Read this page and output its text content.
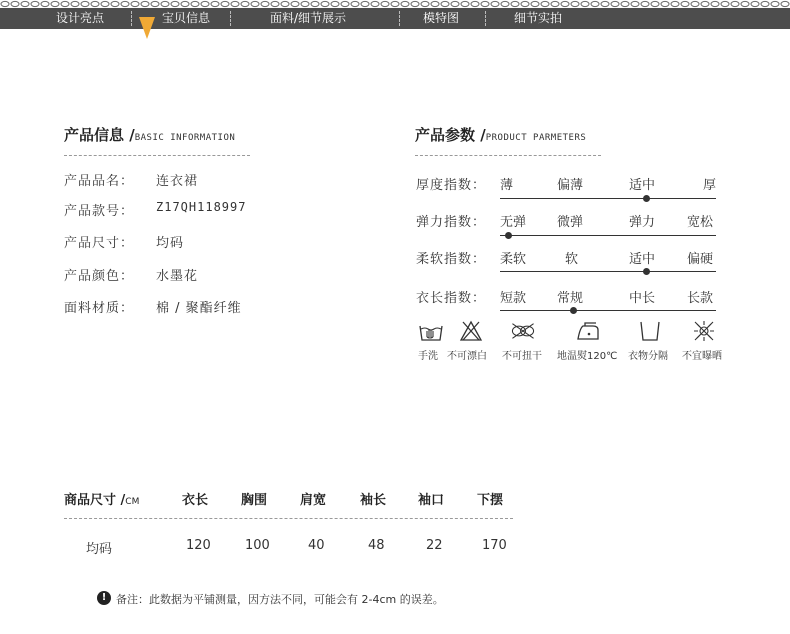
设计亮点	宝贝信息	面料/细节展示	模特图	细节实拍
产品信息 /BASIC INFORMATION
产品品名： 连衣裙
产品款号： Z17QH118997
产品尺寸： 均码
产品颜色： 水墨花
面料材质： 棉 / 聚酯纤维
产品参数 /PRODUCT PARMETERS
厚度指数： 薄	偏薄	适中	厚
弹力指数： 无弹 微弹	弹力 宽松
柔软指数： 柔软	软	适中 偏硬
衣长指数： 短款 常规	中长 长款
手洗 不可漂白 不可扭干 地温熨120℃ 衣物分隔 不宜曝晒
商品尺寸 /CM	衣长	胸围	肩宽	袖长 袖口	下摆
均码	120	100	40	48	22	170
! 备注：此数据为平铺测量，因方法不同，可能会有 2-4cm 的误差。
